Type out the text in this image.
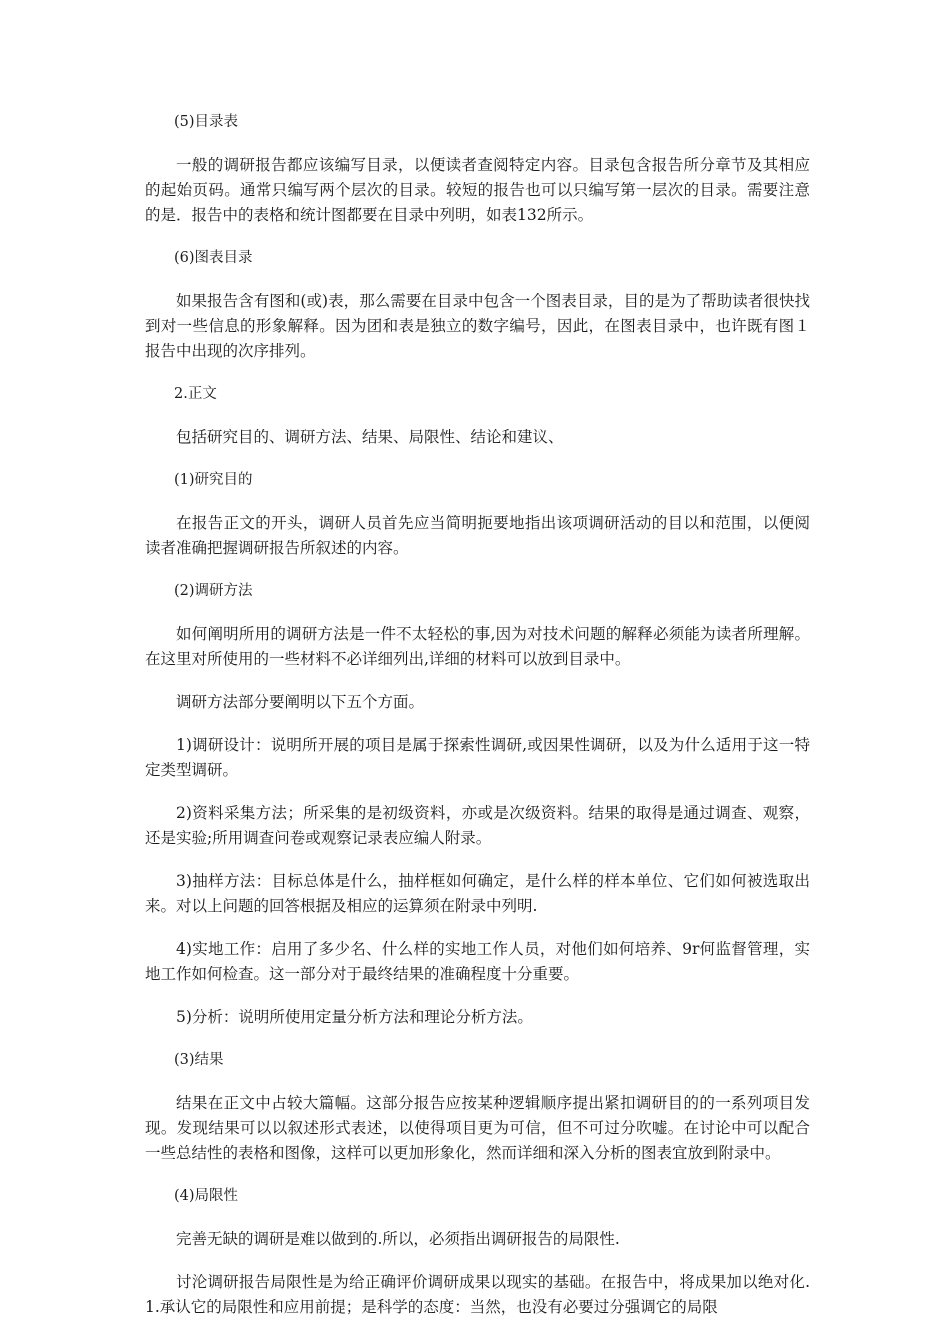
(5)目录表

一般的调研报告都应该编写目录，以便读者查阅特定内容。目录包含报告所分章节及其相应的起始页码。通常只编写两个层次的目录。较短的报告也可以只编写第一层次的目录。需要注意的是．报告中的表格和统计图都要在目录中列明，如表132所示。

(6)图表目录

如果报告含有图和(或)表，那么需要在目录中包含一个图表目录，目的是为了帮助读者很快找到对一些信息的形象解释。因为团和表是独立的数字编号，因此，在图表目录中，也许既有图１报告中出现的次序排列。

2.正文

包括研究目的、调研方法、结果、局限性、结论和建议、

(1)研究目的

在报告正文的开头，调研人员首先应当简明扼要地指出该项调研活动的目以和范围，以便阅读者准确把握调研报告所叙述的内容。

(2)调研方法

如何阐明所用的调研方法是一件不太轻松的事,因为对技术问题的解释必须能为读者所理解。在这里对所使用的一些材料不必详细列出,详细的材料可以放到目录中。

调研方法部分要阐明以下五个方面。

1)调研设计：说明所开展的项目是属于探索性调研,或因果性调研，以及为什么适用于这一特定类型调研。

2)资料采集方法；所采集的是初级资料，亦或是次级资料。结果的取得是通过调查、观察，还是实验;所用调查问卷或观察记录表应编人附录。

3)抽样方法：目标总体是什么，抽样框如何确定，是什么样的样本单位、它们如何被选取出来。对以上问题的回答根据及相应的运算须在附录中列明.

4)实地工作：启用了多少名、什么样的实地工作人员，对他们如何培养、9r何监督管理，实地工作如何检查。这一部分对于最终结果的准确程度十分重要。

5)分析：说明所使用定量分析方法和理论分析方法。

(3)结果

结果在正文中占较大篇幅。这部分报告应按某种逻辑顺序提出紧扣调研目的的一系列项目发现。发现结果可以以叙述形式表述，以使得项目更为可信，但不可过分吹嘘。在讨论中可以配合一些总结性的表格和图像，这样可以更加形象化，然而详细和深入分析的图表宜放到附录中。

(4)局限性

完善无缺的调研是难以做到的.所以，必须指出调研报告的局限性.

讨沦调研报告局限性是为给正确评价调研成果以现实的基础。在报告中，将成果加以绝对化.1.承认它的局限性和应用前提；是科学的态度：当然，也没有必要过分强调它的局限
